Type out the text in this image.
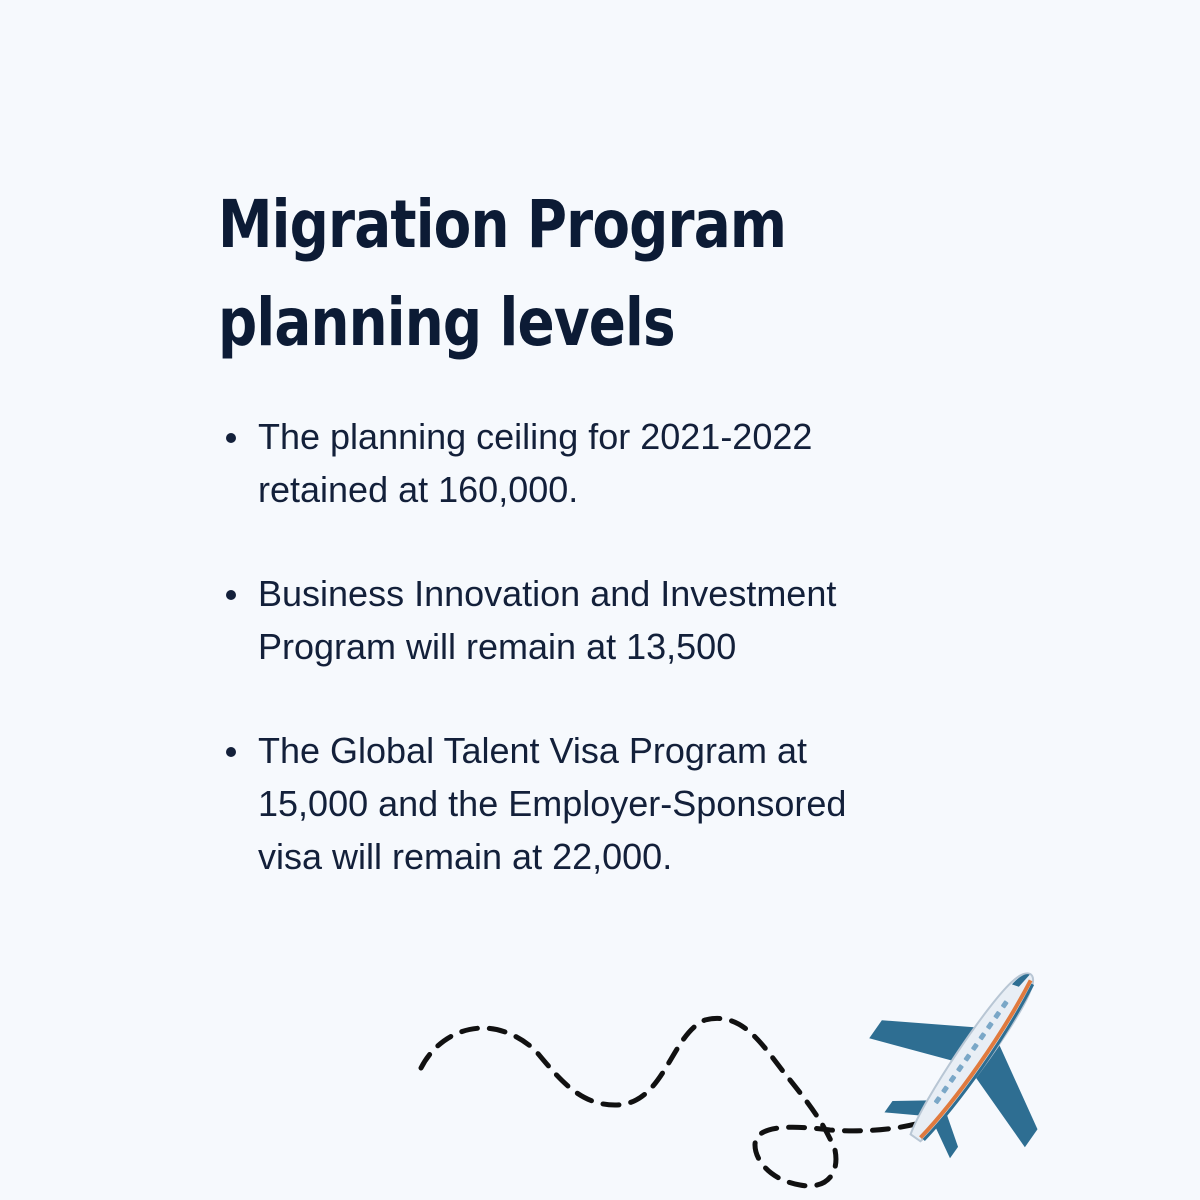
Migration Program
planning levels
The planning ceiling for 2021-2022
retained at 160,000.
Business Innovation and Investment
Program will remain at 13,500
The Global Talent Visa Program at
15,000 and the Employer-Sponsored
visa will remain at 22,000.
